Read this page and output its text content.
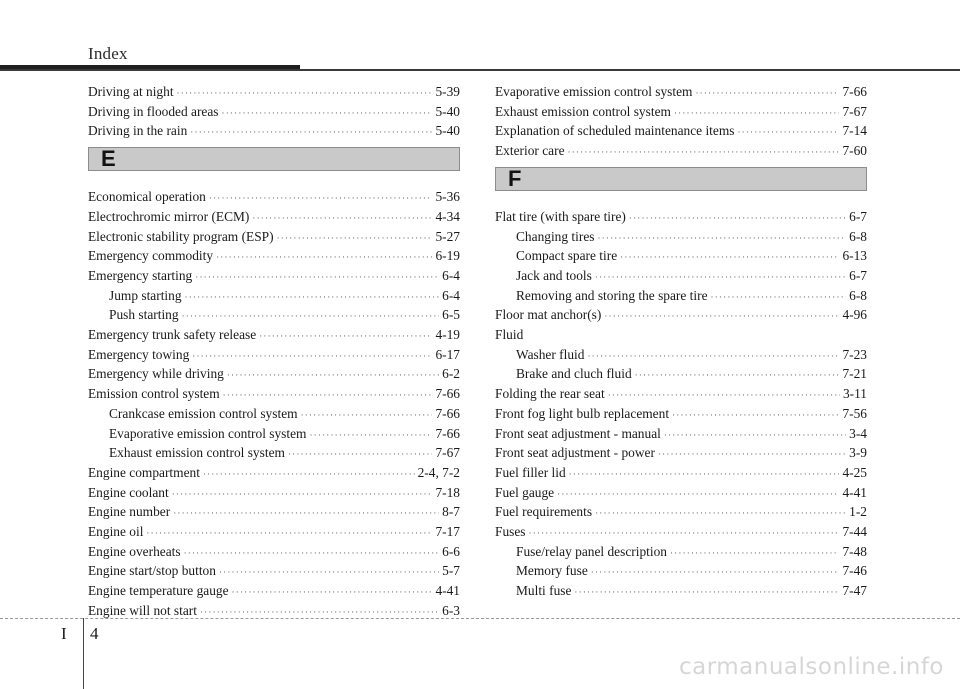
Index
Driving at night ·····	5-39
Driving in flooded areas ·····	5-40
Driving in the rain ·····	5-40
E
Economical operation ·····	5-36
Electrochromic mirror (ECM) ·····	4-34
Electronic stability program (ESP) ·····	5-27
Emergency commodity ·····	6-19
Emergency starting ·····	6-4
Jump starting ·····	6-4
Push starting ·····	6-5
Emergency trunk safety release ·····	4-19
Emergency towing ·····	6-17
Emergency while driving ·····	6-2
Emission control system ·····	7-66
Crankcase emission control system ·····	7-66
Evaporative emission control system ·····	7-66
Exhaust emission control system ·····	7-67
Engine compartment ·····	2-4, 7-2
Engine coolant ·····	7-18
Engine number ·····	8-7
Engine oil ·····	7-17
Engine overheats ·····	6-6
Engine start/stop button ·····	5-7
Engine temperature gauge ·····	4-41
Engine will not start ·····	6-3
Evaporative emission control system ·····	7-66
Exhaust emission control system ·····	7-67
Explanation of scheduled maintenance items ·····	7-14
Exterior care ·····	7-60
F
Flat tire (with spare tire) ·····	6-7
Changing tires ·····	6-8
Compact spare tire ·····	6-13
Jack and tools ·····	6-7
Removing and storing the spare tire ·····	6-8
Floor mat anchor(s) ·····	4-96
Fluid
Washer fluid ·····	7-23
Brake and cluch fluid ·····	7-21
Folding the rear seat ·····	3-11
Front fog light bulb replacement ·····	7-56
Front seat adjustment - manual ·····	3-4
Front seat adjustment - power ·····	3-9
Fuel filler lid ·····	4-25
Fuel gauge ·····	4-41
Fuel requirements ·····	1-2
Fuses ·····	7-44
Fuse/relay panel description ·····	7-48
Memory fuse ·····	7-46
Multi fuse ·····	7-47
I 4
carmanualsonline.info
